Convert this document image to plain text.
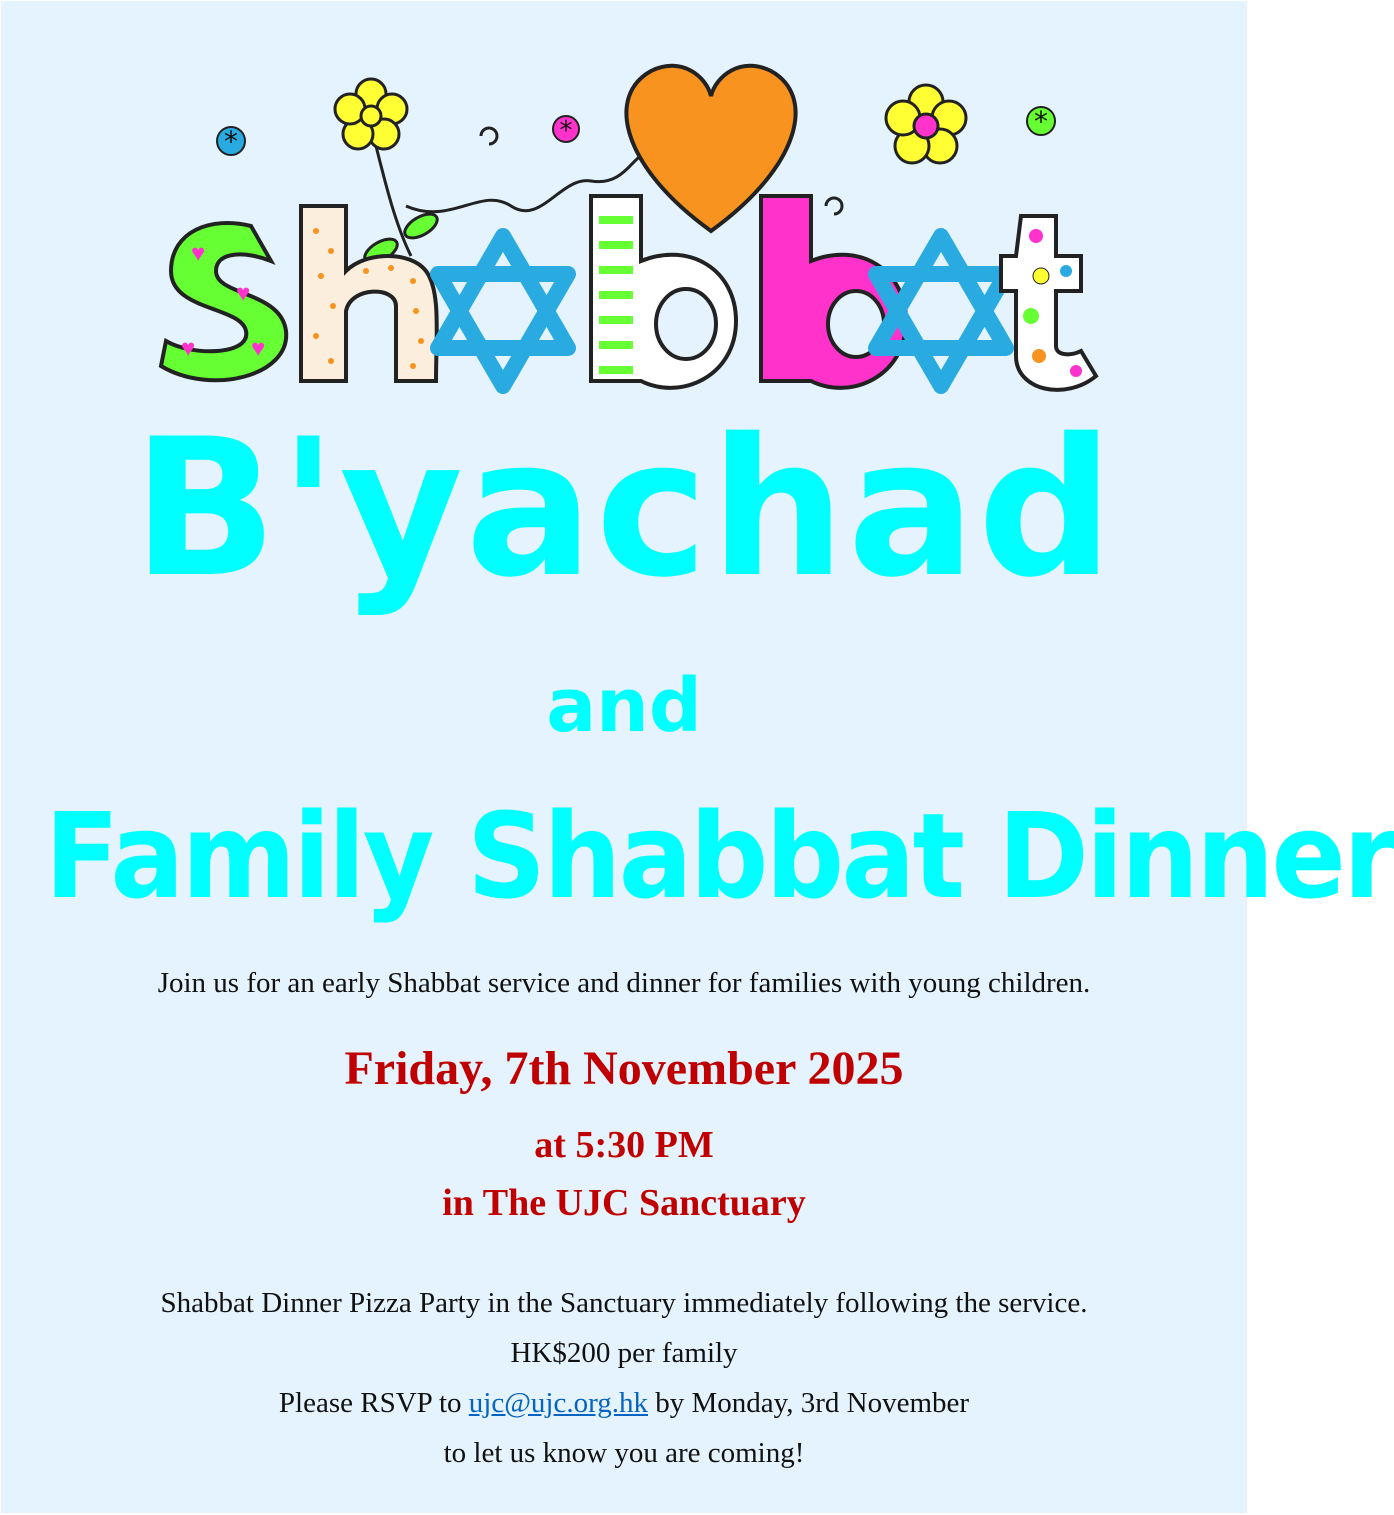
*	*	*
♥
♥
♥ ♥
B'yachad
and
Family Shabbat Dinner
Join us for an early Shabbat service and dinner for families with young children.
Friday, 7th November 2025
at 5:30 PM
in The UJC Sanctuary
Shabbat Dinner Pizza Party in the Sanctuary immediately following the service.
HK$200 per family
Please RSVP to ujc@ujc.org.hk by Monday, 3rd November
to let us know you are coming!
